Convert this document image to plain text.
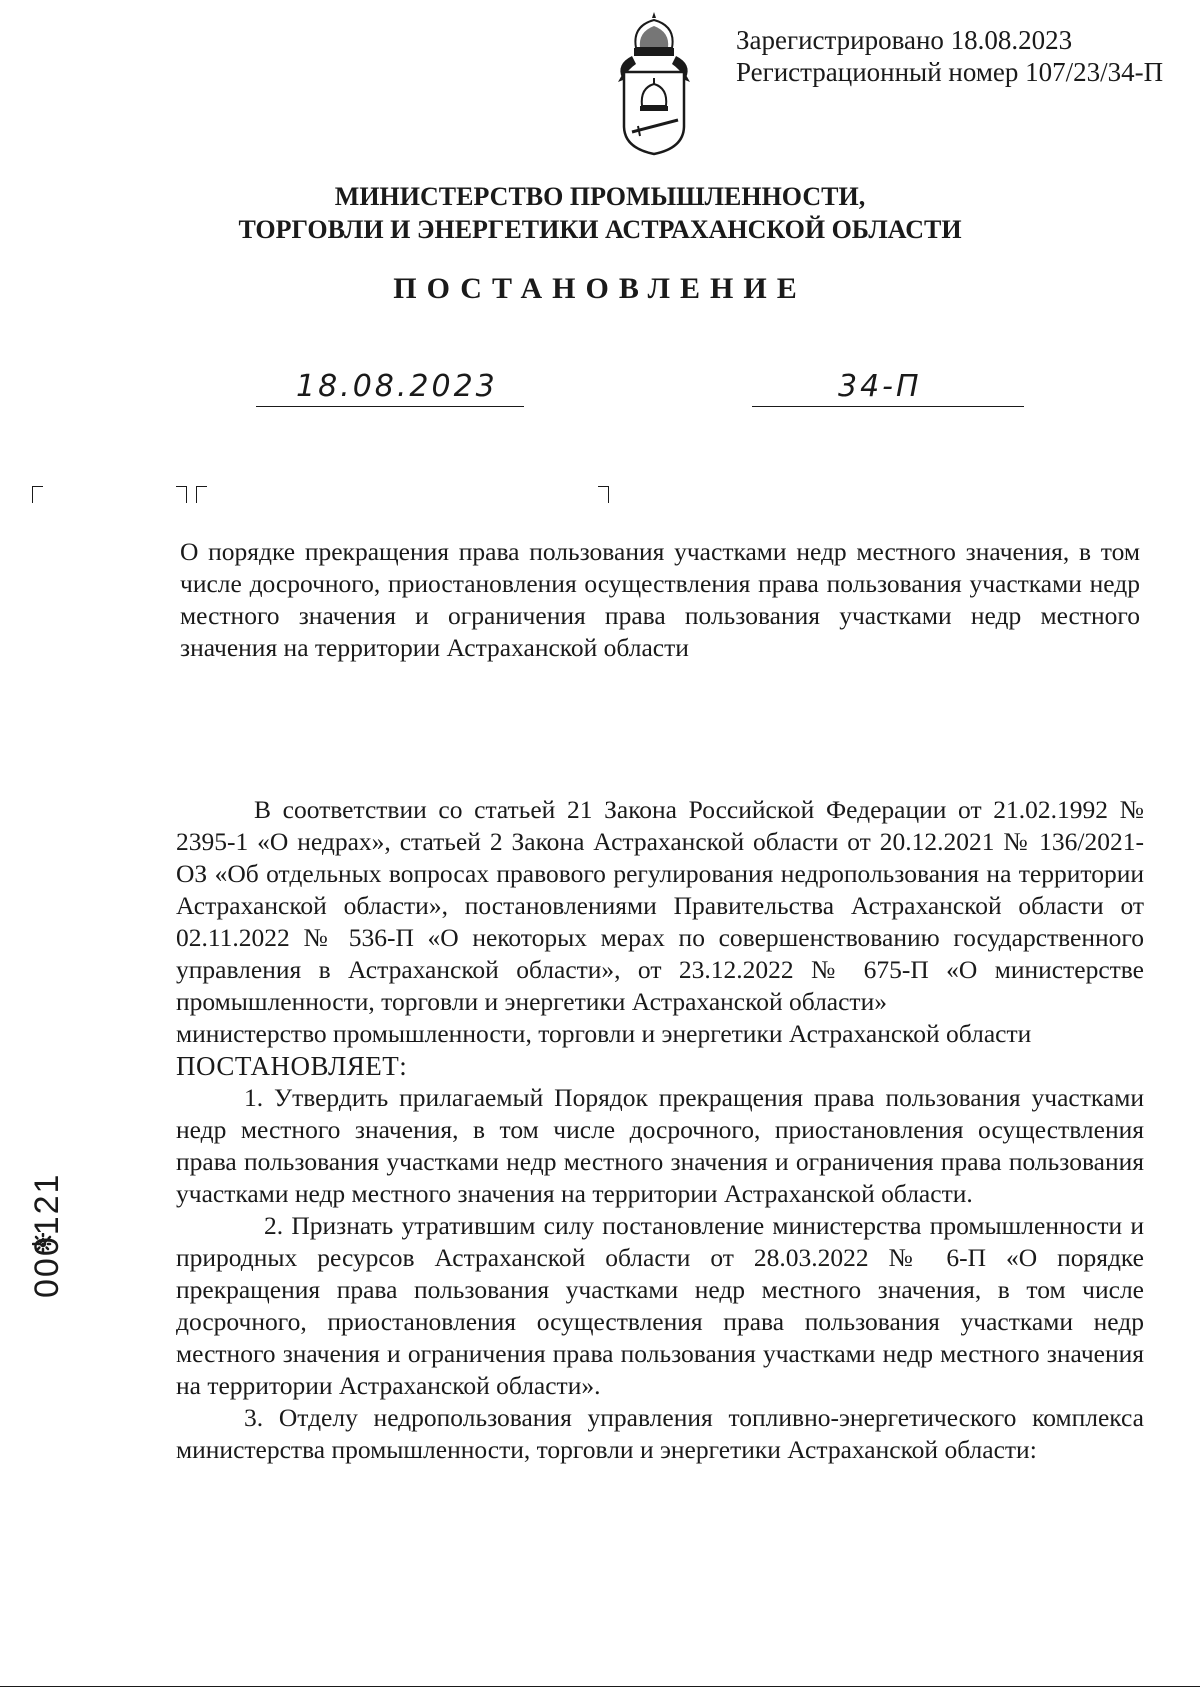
Зарегистрировано 18.08.2023
Регистрационный номер 107/23/34-П
МИНИСТЕРСТВО ПРОМЫШЛЕННОСТИ,
ТОРГОВЛИ И ЭНЕРГЕТИКИ АСТРАХАНСКОЙ ОБЛАСТИ
ПОСТАНОВЛЕНИЕ
18.08.2023	34-П
О порядке прекращения права пользования участками недр местного значения, в том числе досрочного, приостановления осуществления права пользования участками недр местного значения и ограничения права пользования участками недр местного значения на территории Астраханской области

В соответствии со статьей 21 Закона Российской Федерации от 21.02.1992 № 2395-1 «О недрах», статьей 2 Закона Астраханской области от 20.12.2021 № 136/2021-ОЗ «Об отдельных вопросах правового регулирования недропользования на территории Астраханской области», постановлениями Правительства Астраханской области от 02.11.2022 № 536-П «О некоторых мерах по совершенствованию государственного управления в Астраханской области», от 23.12.2022 № 675-П «О министерстве промышленности, торговли и энергетики Астраханской области»

министерство промышленности, торговли и энергетики Астраханской области

ПОСТАНОВЛЯЕТ:

1. Утвердить прилагаемый Порядок прекращения права пользования участками недр местного значения, в том числе досрочного, приостановления осуществления права пользования участками недр местного значения и ограничения права пользования участками недр местного значения на территории Астраханской области.

2. Признать утратившим силу постановление министерства промышленности и природных ресурсов Астраханской области от 28.03.2022 № 6-П «О порядке прекращения права пользования участками недр местного значения, в том числе досрочного, приостановления осуществления права пользования участками недр местного значения и ограничения права пользования участками недр местного значения на территории Астраханской области».

3. Отделу недропользования управления топливно-энергетического комплекса министерства промышленности, торговли и энергетики Астраханской области:

000121
